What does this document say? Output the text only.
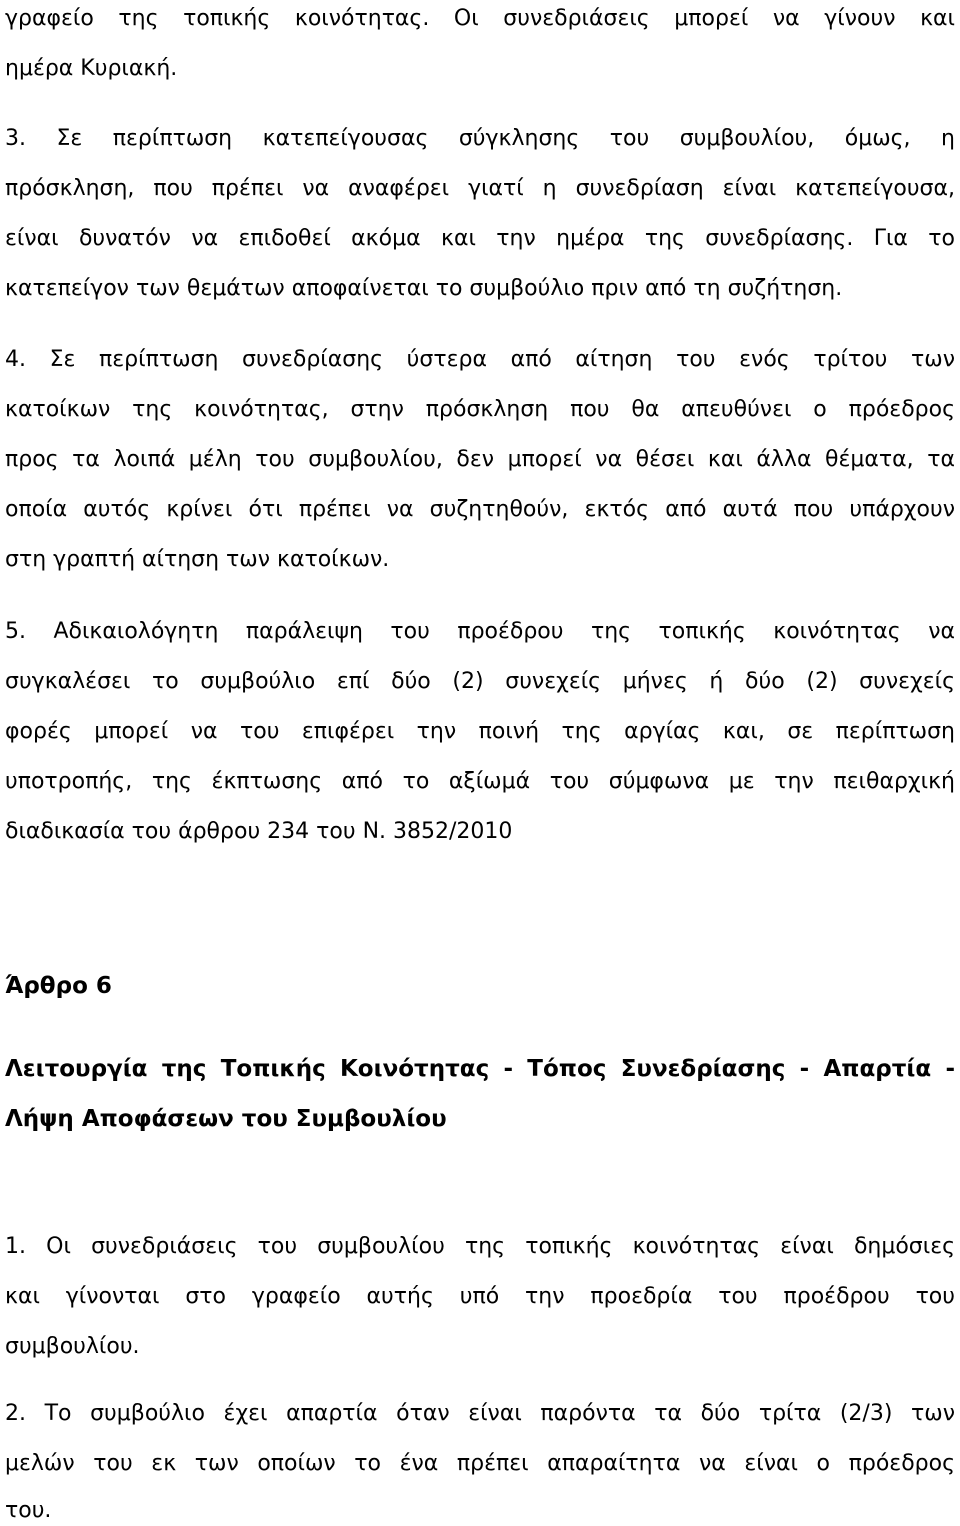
γραφείο της τοπικής κοινότητας. Οι συνεδριάσεις μπορεί να γίνουν και
ημέρα Κυριακή.
3. Σε περίπτωση κατεπείγουσας σύγκλησης του συμβουλίου, όμως, η
πρόσκληση, που πρέπει να αναφέρει γιατί η συνεδρίαση είναι κατεπείγουσα,
είναι δυνατόν να επιδοθεί ακόμα και την ημέρα της συνεδρίασης. Για το
κατεπείγον των θεμάτων αποφαίνεται το συμβούλιο πριν από τη συζήτηση.
4. Σε περίπτωση συνεδρίασης ύστερα από αίτηση του ενός τρίτου των
κατοίκων της κοινότητας, στην πρόσκληση που θα απευθύνει ο πρόεδρος
προς τα λοιπά μέλη του συμβουλίου, δεν μπορεί να θέσει και άλλα θέματα, τα
οποία αυτός κρίνει ότι πρέπει να συζητηθούν, εκτός από αυτά που υπάρχουν
στη γραπτή αίτηση των κατοίκων.
5. Αδικαιολόγητη παράλειψη του προέδρου της τοπικής κοινότητας να
συγκαλέσει το συμβούλιο επί δύο (2) συνεχείς μήνες ή δύο (2) συνεχείς
φορές μπορεί να του επιφέρει την ποινή της αργίας και, σε περίπτωση
υποτροπής, της έκπτωσης από το αξίωμά του σύμφωνα με την πειθαρχική
διαδικασία του άρθρου 234 του Ν. 3852/2010
Άρθρο 6
Λειτουργία της Τοπικής Κοινότητας - Τόπος Συνεδρίασης - Απαρτία -
Λήψη Αποφάσεων του Συμβουλίου
1. Οι συνεδριάσεις του συμβουλίου της τοπικής κοινότητας είναι δημόσιες
και γίνονται στο γραφείο αυτής υπό την προεδρία του προέδρου του
συμβουλίου.
2. Το συμβούλιο έχει απαρτία όταν είναι παρόντα τα δύο τρίτα (2/3) των
μελών του εκ των οποίων το ένα πρέπει απαραίτητα να είναι ο πρόεδρος
του.
